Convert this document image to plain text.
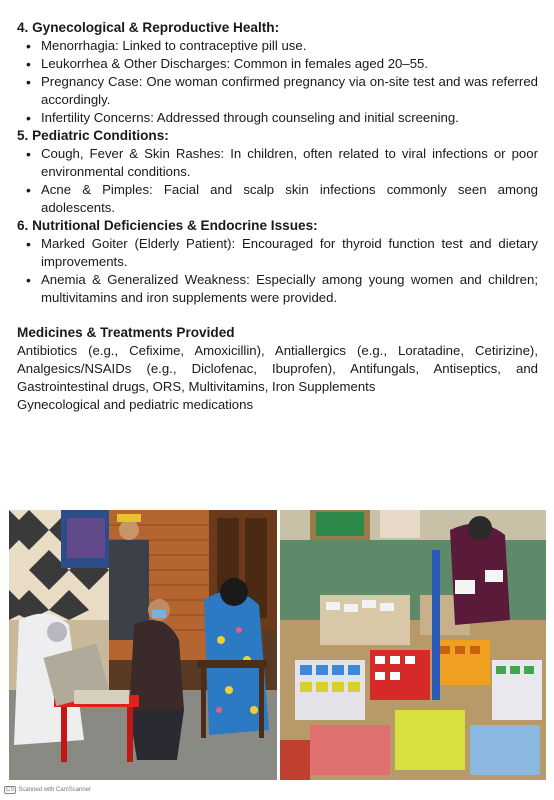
4. Gynecological & Reproductive Health:

• Menorrhagia: Linked to contraceptive pill use.
• Leukorrhea & Other Discharges: Common in females aged 20–55.
• Pregnancy Case: One woman confirmed pregnancy via on-site test and was referred accordingly.
• Infertility Concerns: Addressed through counseling and initial screening.

5. Pediatric Conditions:

• Cough, Fever & Skin Rashes: In children, often related to viral infections or poor environmental conditions.
• Acne & Pimples: Facial and scalp skin infections commonly seen among adolescents.

6. Nutritional Deficiencies & Endocrine Issues:

• Marked Goiter (Elderly Patient): Encouraged for thyroid function test and dietary improvements.
• Anemia & Generalized Weakness: Especially among young women and children; multivitamins and iron supplements were provided.

Medicines & Treatments Provided

Antibiotics (e.g., Cefixime, Amoxicillin), Antiallergics (e.g., Loratadine, Cetirizine), Analgesics/NSAIDs (e.g., Diclofenac, Ibuprofen), Antifungals, Antiseptics, and Gastrointestinal drugs, ORS, Multivitamins, Iron Supplements

Gynecological and pediatric medications

CS Scanned with CamScanner
